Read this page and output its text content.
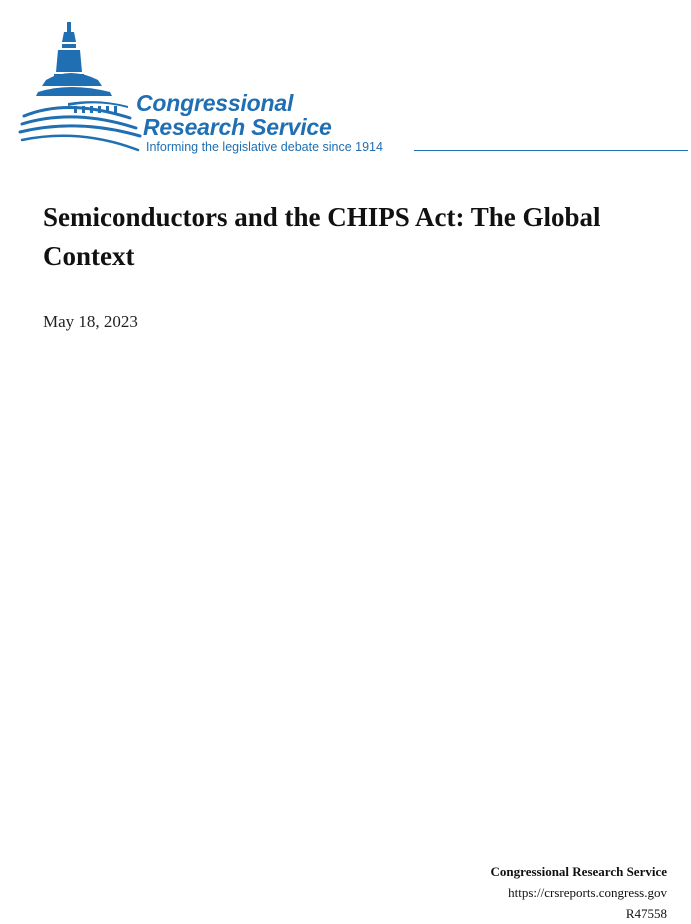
Congressional
Research Service
Informing the legislative debate since 1914
Semiconductors and the CHIPS Act: The Global Context
May 18, 2023
Congressional Research Service
https://crsreports.congress.gov
R47558
